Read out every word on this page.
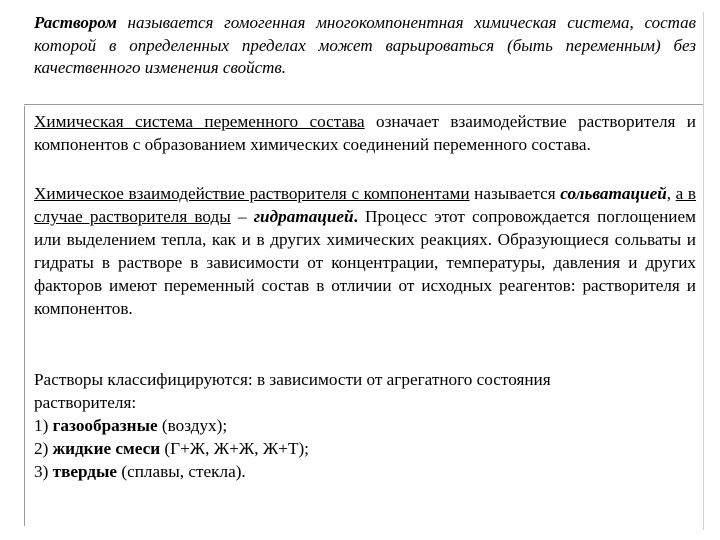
Раствором называется гомогенная многокомпонентная химическая система, состав которой в определенных пределах может варьироваться (быть переменным) без качественного изменения свойств.

Химическая система переменного состава означает взаимодействие растворителя и компонентов с образованием химических соединений переменного состава.

Химическое взаимодействие растворителя с компонентами называется сольватацией, а в случае растворителя воды – гидратацией. Процесс этот сопровождается поглощением или выделением тепла, как и в других химических реакциях. Образующиеся сольваты и гидраты в растворе в зависимости от концентрации, температуры, давления и других факторов имеют переменный состав в отличии от исходных реагентов: растворителя и компонентов.

Растворы классифицируются: в зависимости от агрегатного состояния
растворителя:
1) газообразные (воздух);
2) жидкие смеси (Г+Ж, Ж+Ж, Ж+Т);
3) твердые (сплавы, стекла).
